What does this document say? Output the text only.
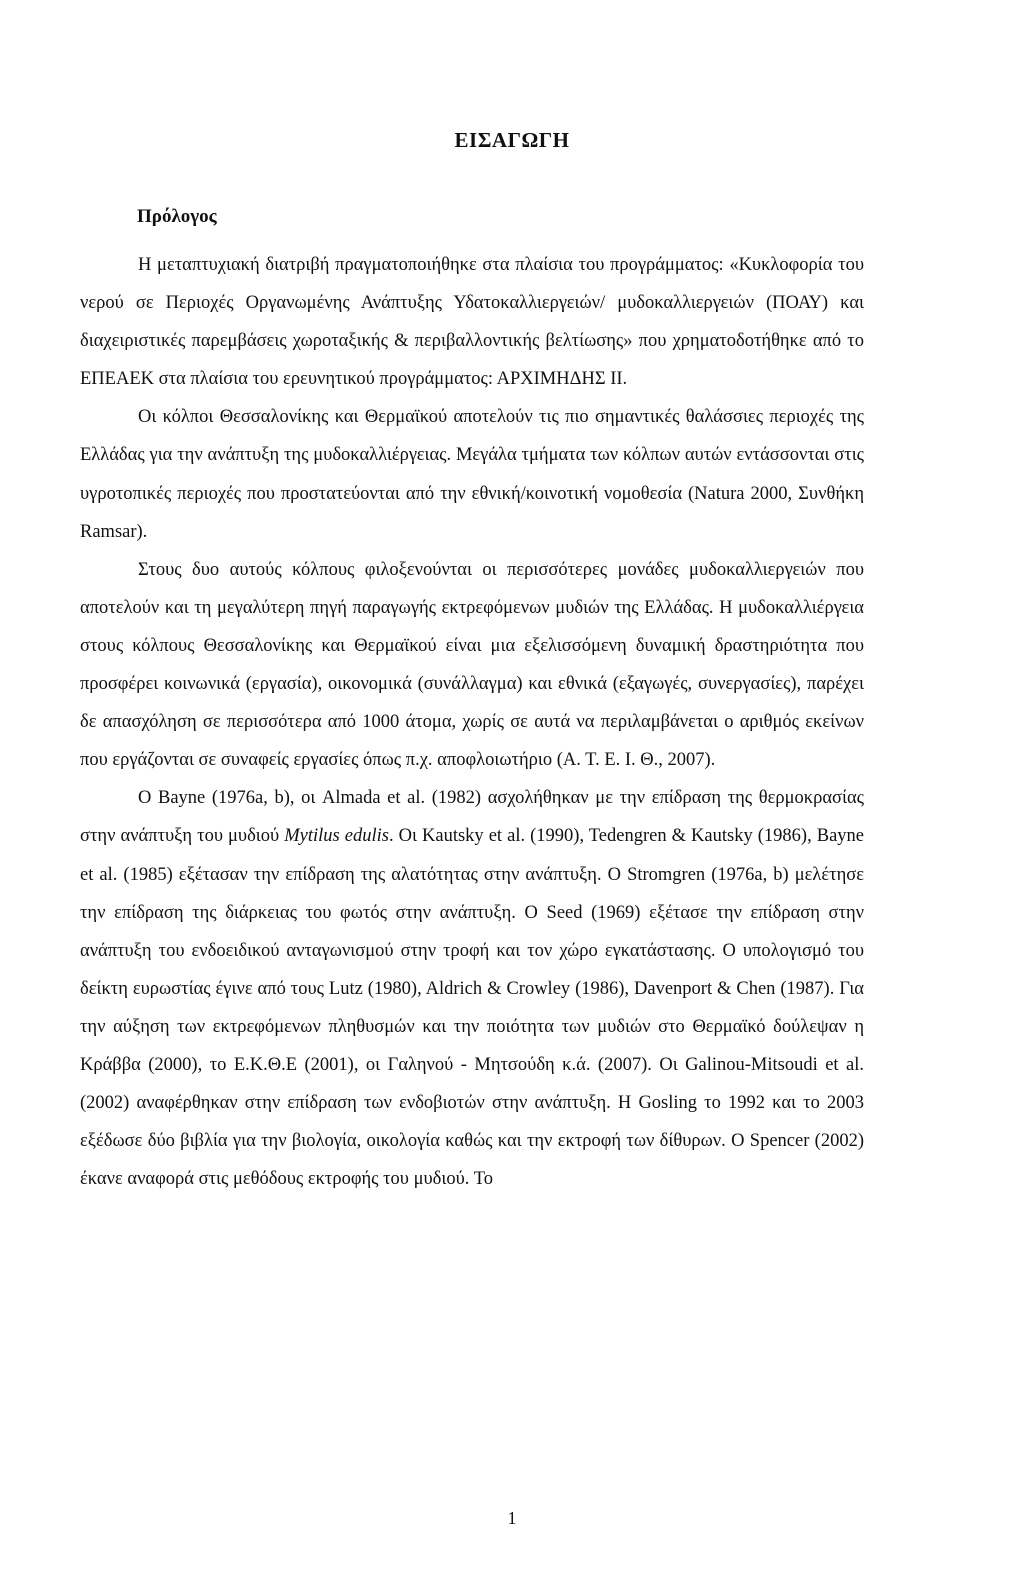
ΕΙΣΑΓΩΓΗ
Πρόλογος

Η μεταπτυχιακή διατριβή πραγματοποιήθηκε στα πλαίσια του προγράμματος: «Κυκλοφορία του νερού σε Περιοχές Οργανωμένης Ανάπτυξης Υδατοκαλλιεργειών/ μυδοκαλλιεργειών (ΠΟΑΥ) και διαχειριστικές παρεμβάσεις χωροταξικής & περιβαλλοντικής βελτίωσης» που χρηματοδοτήθηκε από το ΕΠΕΑΕΚ στα πλαίσια του ερευνητικού προγράμματος: ΑΡΧΙΜΗΔΗΣ ΙΙ.

Οι κόλποι Θεσσαλονίκης και Θερμαϊκού αποτελούν τις πιο σημαντικές θαλάσσιες περιοχές της Ελλάδας για την ανάπτυξη της μυδοκαλλιέργειας. Μεγάλα τμήματα των κόλπων αυτών εντάσσονται στις υγροτοπικές περιοχές που προστατεύονται από την εθνική/κοινοτική νομοθεσία (Natura 2000, Συνθήκη Ramsar).

Στους δυο αυτούς κόλπους φιλοξενούνται οι περισσότερες μονάδες μυδοκαλλιεργειών που αποτελούν και τη μεγαλύτερη πηγή παραγωγής εκτρεφόμενων μυδιών της Ελλάδας. Η μυδοκαλλιέργεια στους κόλπους Θεσσαλονίκης και Θερμαϊκού είναι μια εξελισσόμενη δυναμική δραστηριότητα που προσφέρει κοινωνικά (εργασία), οικονομικά (συνάλλαγμα) και εθνικά (εξαγωγές, συνεργασίες), παρέχει δε απασχόληση σε περισσότερα από 1000 άτομα, χωρίς σε αυτά να περιλαμβάνεται ο αριθμός εκείνων που εργάζονται σε συναφείς εργασίες όπως π.χ. αποφλοιωτήριο (Α. Τ. Ε. Ι. Θ., 2007).

Ο Bayne (1976a, b), οι Almada et al. (1982) ασχολήθηκαν με την επίδραση της θερμοκρασίας στην ανάπτυξη του μυδιού Mytilus edulis. Οι Kautsky et al. (1990), Tedengren & Kautsky (1986), Bayne et al. (1985) εξέτασαν την επίδραση της αλατότητας στην ανάπτυξη. Ο Stromgren (1976a, b) μελέτησε την επίδραση της διάρκειας του φωτός στην ανάπτυξη. Ο Seed (1969) εξέτασε την επίδραση στην ανάπτυξη του ενδοειδικού ανταγωνισμού στην τροφή και τον χώρο εγκατάστασης. Ο υπολογισμό του δείκτη ευρωστίας έγινε από τους Lutz (1980), Aldrich & Crowley (1986), Davenport & Chen (1987). Για την αύξηση των εκτρεφόμενων πληθυσμών και την ποιότητα των μυδιών στο Θερμαϊκό δούλεψαν η Κράββα (2000), το Ε.Κ.Θ.Ε (2001), οι Γαληνού - Μητσούδη κ.ά. (2007). Οι Galinou-Mitsoudi et al. (2002) αναφέρθηκαν στην επίδραση των ενδοβιοτών στην ανάπτυξη. Η Gosling το 1992 και το 2003 εξέδωσε δύο βιβλία για την βιολογία, οικολογία καθώς και την εκτροφή των δίθυρων. Ο Spencer (2002) έκανε αναφορά στις μεθόδους εκτροφής του μυδιού. Το

1
